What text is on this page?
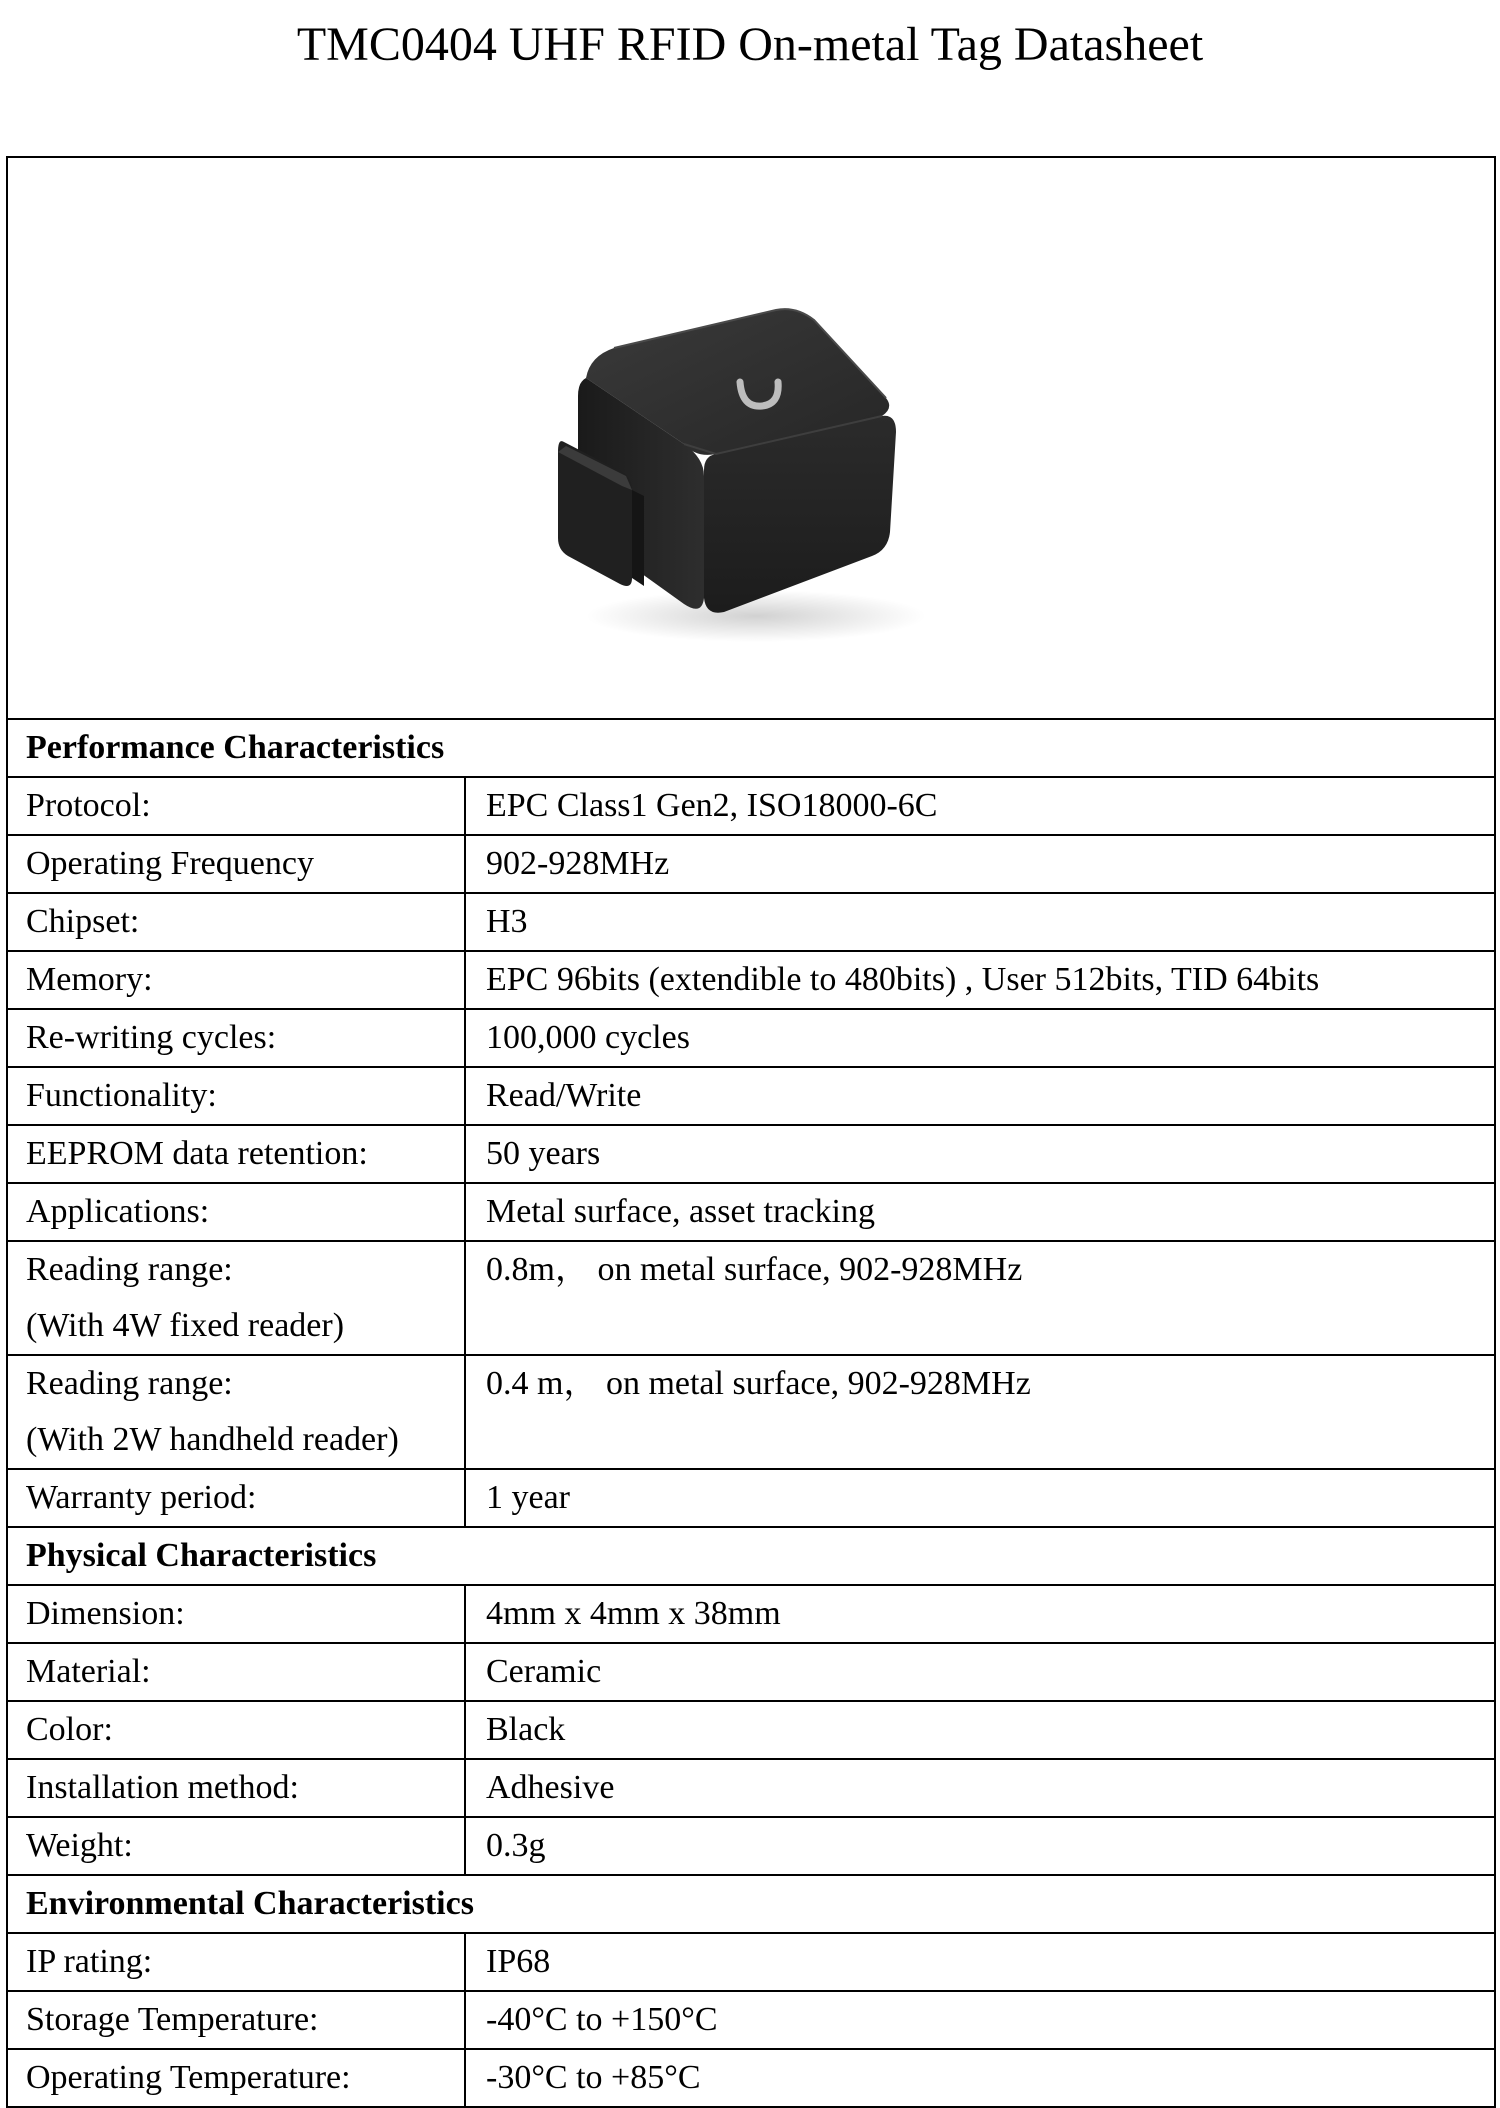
TMC0404 UHF RFID On-metal Tag Datasheet

Performance Characteristics	
Protocol:	EPC Class1 Gen2, ISO18000-6C
Operating Frequency	902-928MHz
Chipset:	H3
Memory:	EPC 96bits (extendible to 480bits) , User 512bits, TID 64bits
Re-writing cycles:	100,000 cycles
Functionality:	Read/Write
EEPROM data retention:	50 years
Applications:	Metal surface, asset tracking

Reading range:
(With 4W fixed reader)	0.8m， on metal surface, 902-928MHz

Reading range:
(With 2W handheld reader)	0.4 m， on metal surface, 902-928MHz
Warranty period:	1 year
Physical Characteristics	
Dimension:	4mm x 4mm x 38mm
Material:	Ceramic
Color:	Black
Installation method:	Adhesive
Weight:	0.3g
Environmental Characteristics	
IP rating:	IP68
Storage Temperature:	-40°C to +150°C
Operating Temperature:	-30°C to +85°C
